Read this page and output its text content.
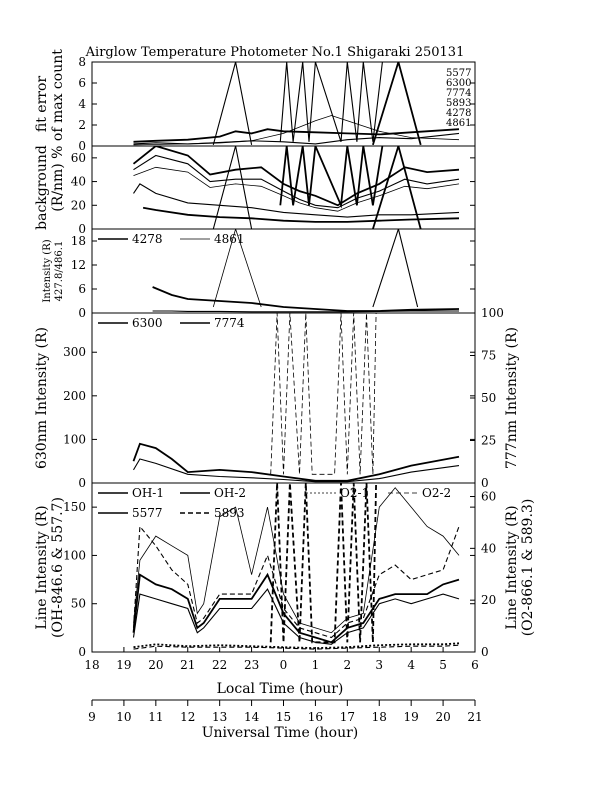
Airglow Temperature Photometer No.1 Shigaraki 250131
0
2
4
6
8
fit error % of max count	5577
6300
7774
5893
4278
4861
0
20
40
60
background (R/nm)
0
6
12
18
Intensity (R) 427.8/486.1
4278	4861
0
100
200
300
0
25
50
75
100
630nm Intensity (R)	777nm Intensity (R)
6300	7774
0
50
100
150
0
20
40
60
Line Intensity (R) (OH-846.6 & 557.7)	Line Intensity (R) (O2-866.1 & 589.3)
OH-1	OH-2	O2-1	O2-2
5577	5893
18 19 20 21 22 23 0 1 2 3 4 5 6
Local Time (hour)
9 10 11 12 13 14 15 16 17 18 19 20 21
Universal Time (hour)
